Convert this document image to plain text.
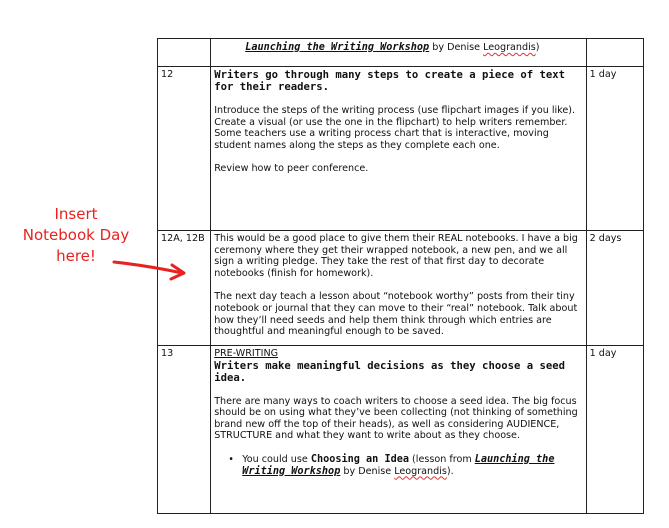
	Launching the Writing Workshop by Denise Leograndis)	
12	Writers go through many steps to create a piece of text for their readers.

Introduce the steps of the writing process (use flipchart images if you like). Create a visual (or use the one in the flipchart) to help writers remember. Some teachers use a writing process chart that is interactive, moving student names along the steps as they complete each one.

Review how to peer conference.	1 day
12A, 12B	This would be a good place to give them their REAL notebooks. I have a big ceremony where they get their wrapped notebook, a new pen, and we all sign a writing pledge. They take the rest of that first day to decorate notebooks (finish for homework).

The next day teach a lesson about “notebook worthy” posts from their tiny notebook or journal that they can move to their “real” notebook. Talk about how they’ll need seeds and help them think through which entries are thoughtful and meaningful enough to be saved.	2 days
13	PRE-WRITING
Writers make meaningful decisions as they choose a seed idea.

There are many ways to coach writers to choose a seed idea. The big focus should be on using what they’ve been collecting (not thinking of something brand new off the top of their heads), as well as considering AUDIENCE, STRUCTURE and what they want to write about as they choose.

• You could use Choosing an Idea (lesson from Launching the Writing Workshop by Denise Leograndis).	1 day
Insert
Notebook Day
here!
